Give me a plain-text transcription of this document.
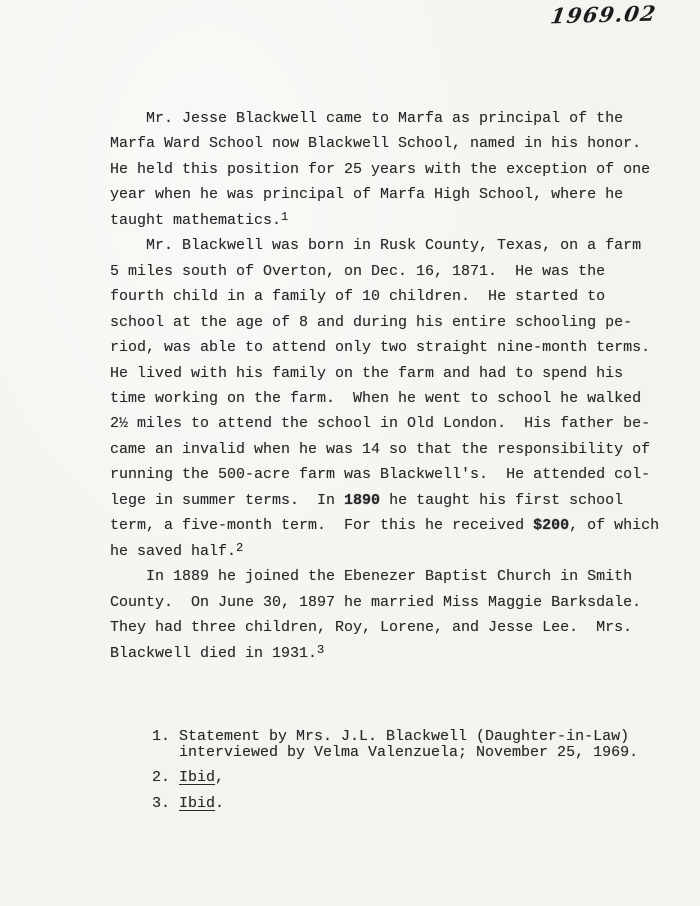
1969.02
Mr. Jesse Blackwell came to Marfa as principal of the
Marfa Ward School now Blackwell School, named in his honor.
He held this position for 25 years with the exception of one
year when he was principal of Marfa High School, where he
taught mathematics.$^1$
Mr. Blackwell was born in Rusk County, Texas, on a farm
5 miles south of Overton, on Dec. 16, 1871.  He was the
fourth child in a family of 10 children.  He started to
school at the age of 8 and during his entire schooling pe-
riod, was able to attend only two straight nine-month terms.
He lived with his family on the farm and had to spend his
time working on the farm.  When he went to school he walked
2½ miles to attend the school in Old London.  His father be-
came an invalid when he was 14 so that the responsibility of
running the 500-acre farm was Blackwell's.  He attended col-
lege in summer terms.  In 1890 he taught his first school
term, a five-month term.  For this he received $200, of which
he saved half.$^2$
In 1889 he joined the Ebenezer Baptist Church in Smith
County.  On June 30, 1897 he married Miss Maggie Barksdale.
They had three children, Roy, Lorene, and Jesse Lee.  Mrs.
Blackwell died in 1931.$^3$
1. Statement by Mrs. J.L. Blackwell (Daughter-in-Law)
interviewed by Velma Valenzuela; November 25, 1969.
2. Ibid,
3. Ibid.
